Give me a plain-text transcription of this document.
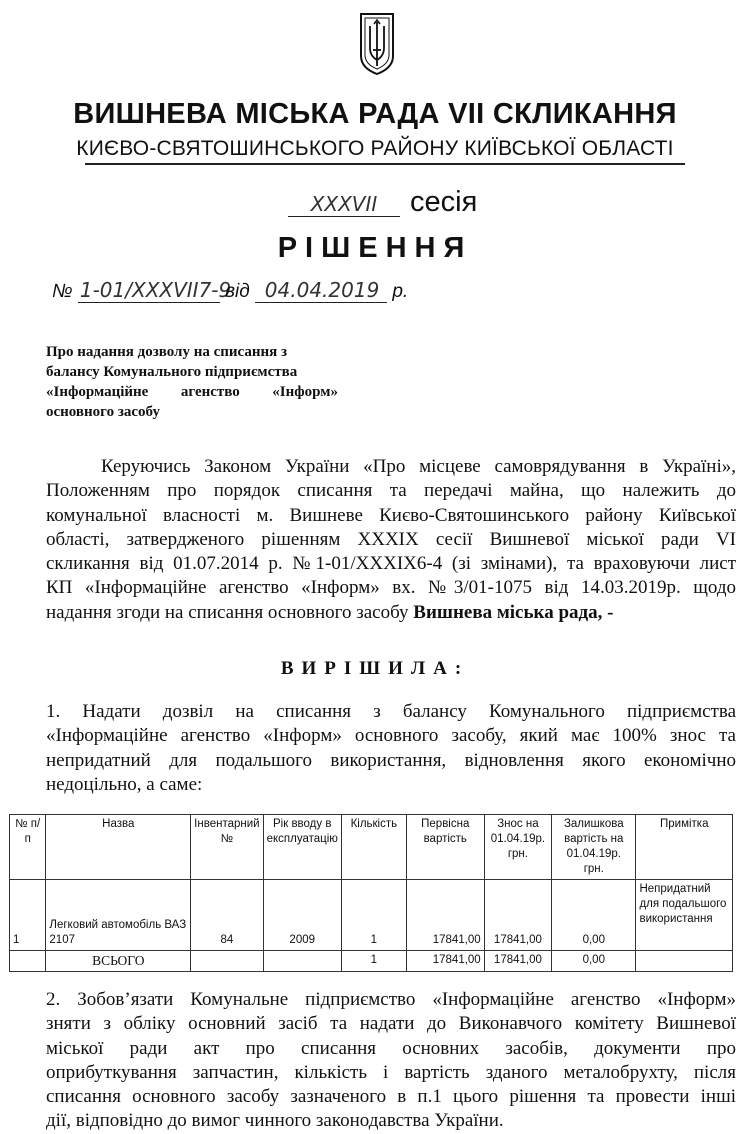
ВИШНЕВА МІСЬКА РАДА VII СКЛИКАННЯ
КИЄВО-СВЯТОШИНСЬКОГО РАЙОНУ КИЇВСЬКОЇ ОБЛАСТІ
XXXVII сесія
РІШЕННЯ
№ 1-01/XXXVII7-9 від 04.04.2019 р.
Про надання дозволу на списання з
балансу Комунального підприємства
«Інформаційне агенство «Інформ»
основного засобу
Керуючись Законом України «Про місцеве самоврядування в Україні»,
Положенням про порядок списання та передачі майна, що належить до
комунальної власності м. Вишневе Києво-Святошинського району Київської
області, затвердженого рішенням XXXIX сесії Вишневої міської ради VI
скликання від 01.07.2014 р. №1-01/XXXIX6-4 (зі змінами), та враховуючи лист
КП «Інформаційне агенство «Інформ» вх. №3/01-1075 від 14.03.2019р. щодо
надання згоди на списання основного засобу Вишнева міська рада, -
ВИРІШИЛА:
1. Надати дозвіл на списання з балансу Комунального підприємства
«Інформаційне агенство «Інформ» основного засобу, який має 100% знос та
непридатний для подальшого використання, відновлення якого економічно
недоцільно, а саме:
№ п/п	Назва	Інвентарний №	Рік вводу в експлуатацію	Кількість	Первісна вартість	Знос на 01.04.19р. грн.	Залишкова вартість на 01.04.19р. грн.	Примітка
1	Легковий автомобіль ВАЗ 2107	84	2009	1	17841,00	17841,00	0,00	Непридатний для подальшого використання
	ВСЬОГО			1	17841,00	17841,00	0,00	
2. Зобов’язати Комунальне підприємство «Інформаційне агенство «Інформ»
зняти з обліку основний засіб та надати до Виконавчого комітету Вишневої
міської ради акт про списання основних засобів, документи про
оприбуткування запчастин, кількість і вартість зданого металобрухту, після
списання основного засобу зазначеного в п.1 цього рішення та провести інші
дії, відповідно до вимог чинного законодавства України.
